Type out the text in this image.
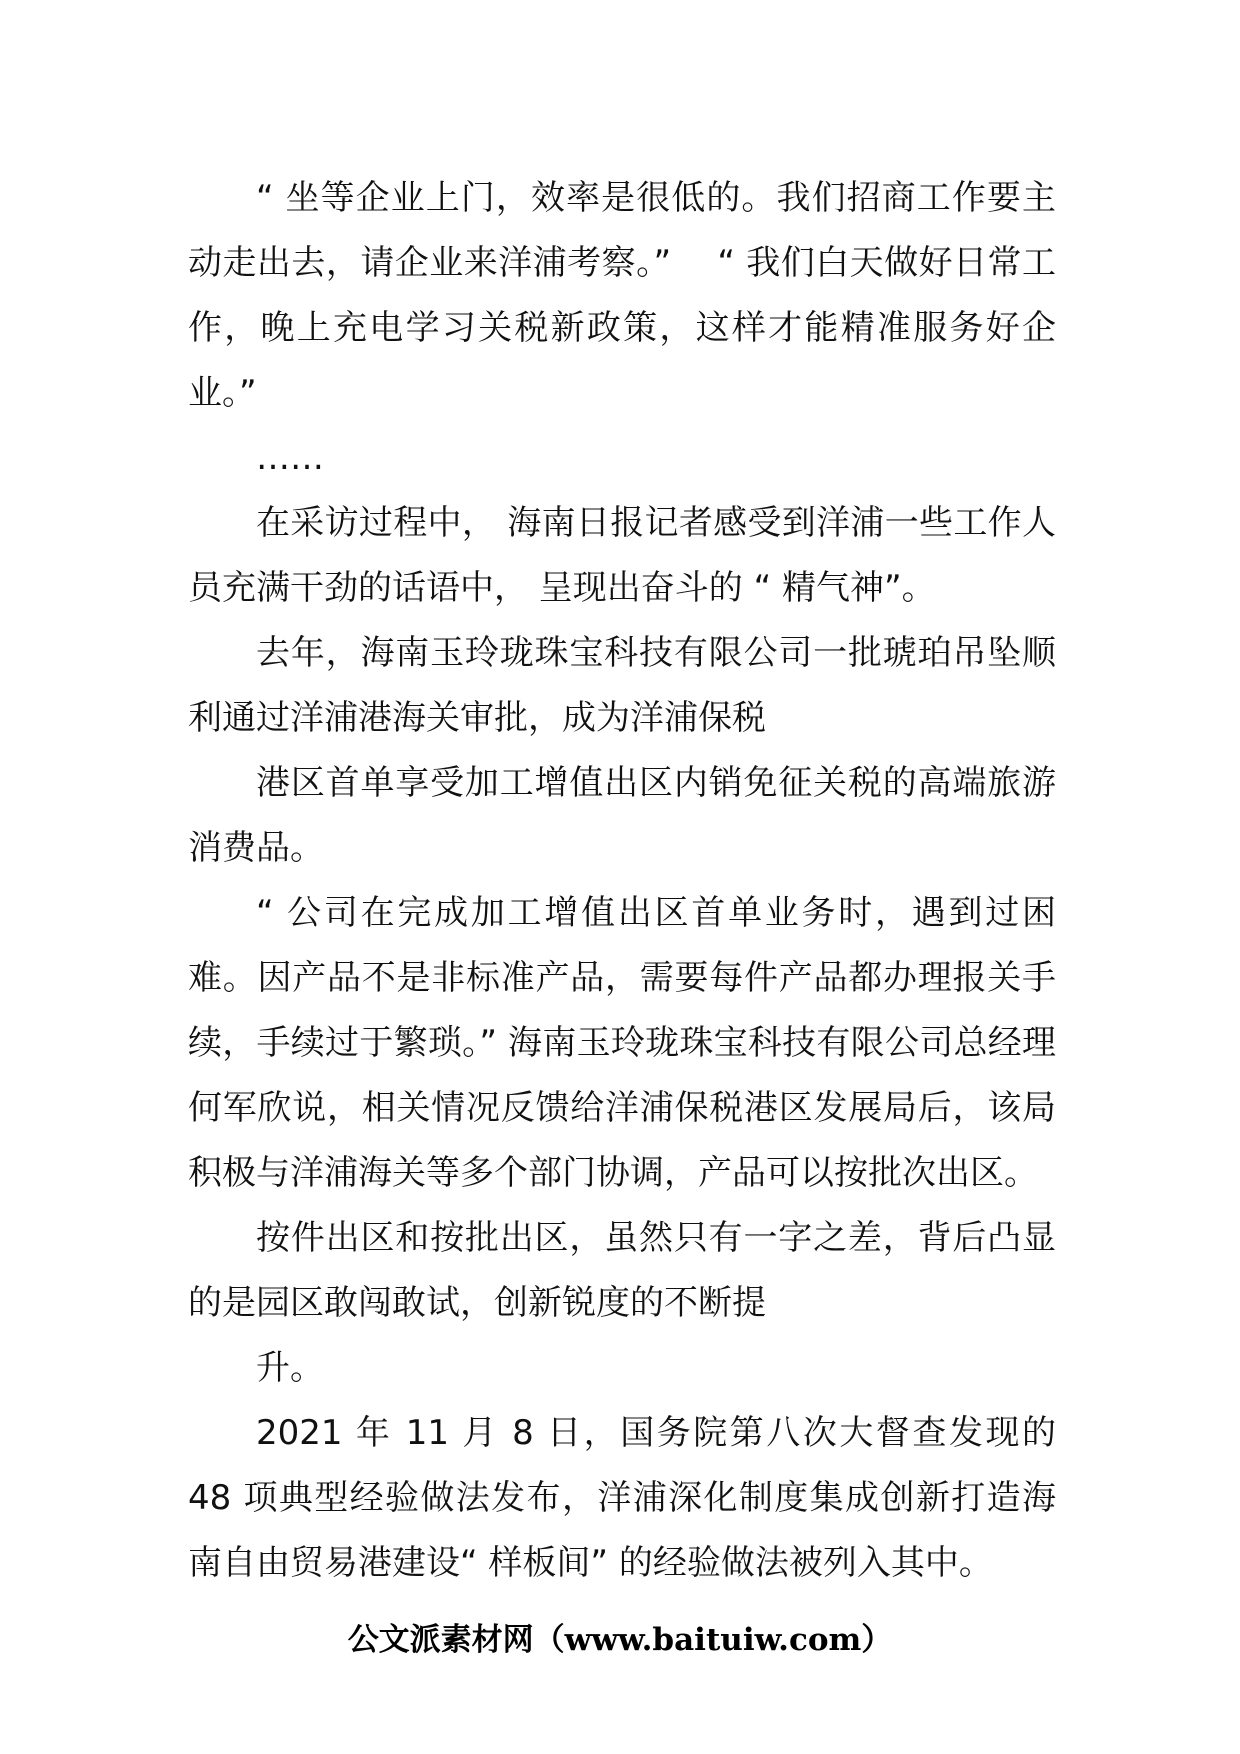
“ 坐等企业上门，效率是很低的。我们招商工作要主动走出去，请企业来洋浦考察。”　 “ 我们白天做好日常工作，晚上充电学习关税新政策，这样才能精准服务好企业。”

……

在采访过程中， 海南日报记者感受到洋浦一些工作人员充满干劲的话语中， 呈现出奋斗的 “ 精气神”。

去年，海南玉玲珑珠宝科技有限公司一批琥珀吊坠顺利通过洋浦港海关审批，成为洋浦保税

港区首单享受加工增值出区内销免征关税的高端旅游消费品。

“ 公司在完成加工增值出区首单业务时，遇到过困难。因产品不是非标准产品，需要每件产品都办理报关手续，手续过于繁琐。” 海南玉玲珑珠宝科技有限公司总经理何军欣说，相关情况反馈给洋浦保税港区发展局后，该局积极与洋浦海关等多个部门协调，产品可以按批次出区。

按件出区和按批出区，虽然只有一字之差，背后凸显的是园区敢闯敢试，创新锐度的不断提

升。

2021 年 11 月 8 日，国务院第八次大督查发现的 48 项典型经验做法发布，洋浦深化制度集成创新打造海南自由贸易港建设“ 样板间” 的经验做法被列入其中。

公文派素材网（www.baituiw.com）
